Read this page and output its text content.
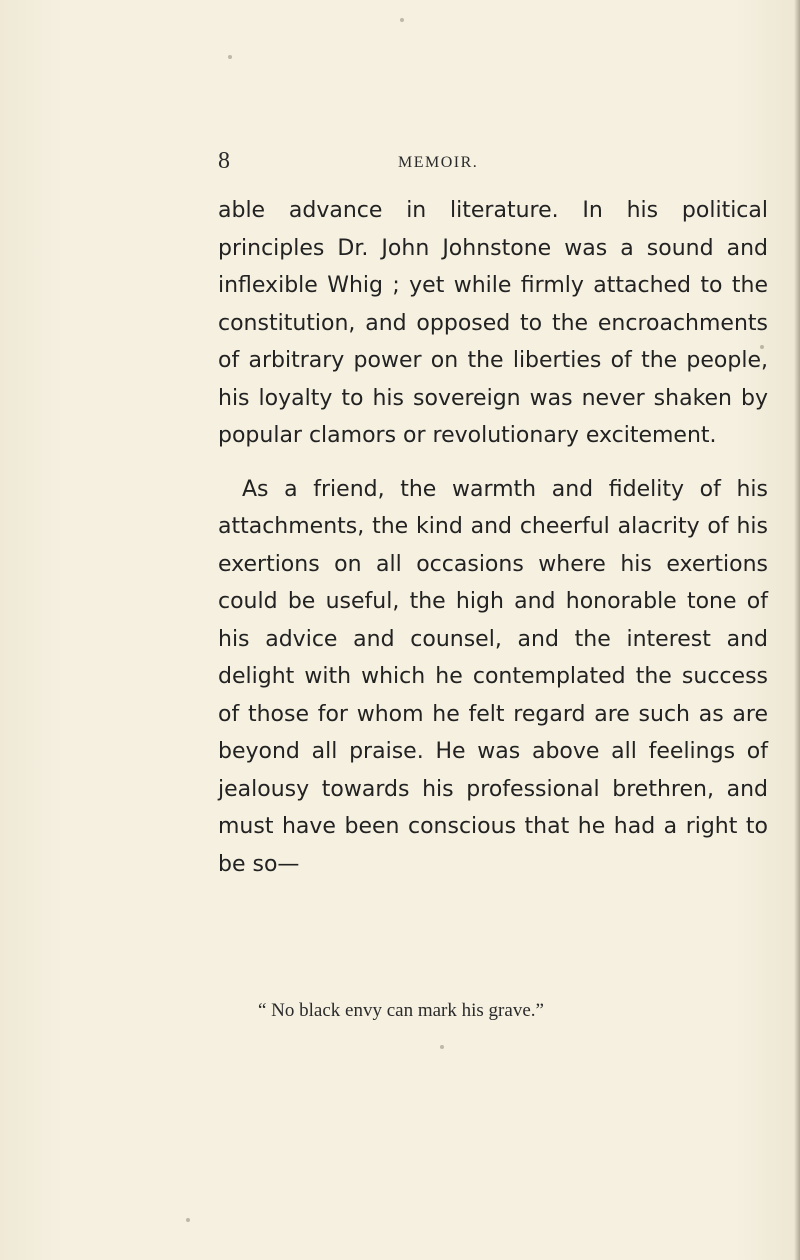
8	MEMOIR.

able advance in literature. In his political principles Dr. John Johnstone was a sound and inflexible Whig ; yet while firmly attached to the constitution, and opposed to the encroachments of arbitrary power on the liberties of the people, his loyalty to his sovereign was never shaken by popular clamors or revolutionary excitement.

As a friend, the warmth and fidelity of his attachments, the kind and cheerful alacrity of his exertions on all occasions where his exertions could be useful, the high and honorable tone of his advice and counsel, and the interest and delight with which he contemplated the success of those for whom he felt regard are such as are beyond all praise. He was above all feelings of jealousy towards his professional brethren, and must have been conscious that he had a right to be so—

“ No black envy can mark his grave.”
